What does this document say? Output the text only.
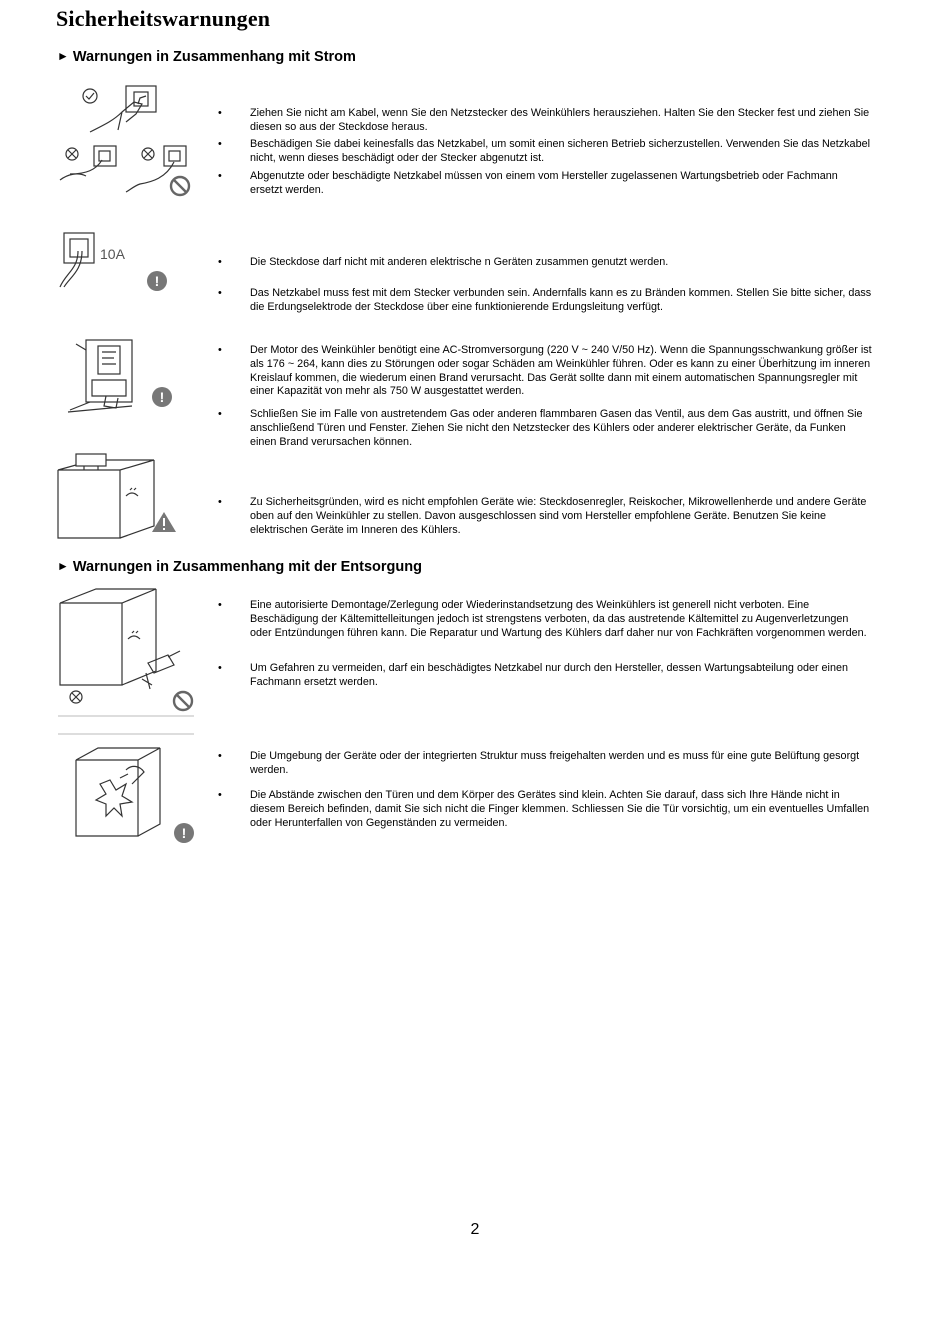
Sicherheitswarnungen
► Warnungen in Zusammenhang mit Strom
► Warnungen in Zusammenhang mit der Entsorgung
•	Ziehen Sie nicht am Kabel, wenn Sie den Netzstecker des Weinkühlers herausziehen. Halten Sie den Stecker fest und ziehen Sie diesen so aus der Steckdose heraus.
•	Beschädigen Sie dabei keinesfalls das Netzkabel, um somit einen sicheren Betrieb sicherzustellen. Verwenden Sie das Netzkabel nicht, wenn dieses beschädigt oder der Stecker abgenutzt ist.
•	Abgenutzte oder beschädigte Netzkabel müssen von einem vom Hersteller zugelassenen Wartungsbetrieb oder Fachmann ersetzt werden.
•	Die Steckdose darf nicht mit anderen elektrische n Geräten zusammen genutzt werden.
•	Das Netzkabel muss fest mit dem Stecker verbunden sein. Andernfalls kann es zu Bränden kommen. Stellen Sie bitte sicher, dass die Erdungselektrode der Steckdose über eine funktionierende Erdungsleitung verfügt.
•	Der Motor des Weinkühler benötigt eine AC-Stromversorgung (220 V ~ 240 V/50 Hz). Wenn die Spannungsschwankung größer ist als 176 ~ 264, kann dies zu Störungen oder sogar Schäden am Weinkühler führen. Oder es kann zu einer Überhitzung im inneren Kreislauf kommen, die wiederum einen Brand verursacht. Das Gerät sollte dann mit einem automatischen Spannungsregler mit einer Kapazität von mehr als 750 W ausgestattet werden.
•	Schließen Sie im Falle von austretendem Gas oder anderen flammbaren Gasen das Ventil, aus dem Gas austritt, und öffnen Sie anschließend Türen und Fenster. Ziehen Sie nicht den Netzstecker des Kühlers oder anderer elektrischer Geräte, da Funken einen Brand verursachen können.
•	Zu Sicherheitsgründen, wird es nicht empfohlen Geräte wie: Steckdosenregler, Reiskocher, Mikrowellenherde und andere Geräte oben auf den Weinkühler zu stellen. Davon ausgeschlossen sind vom Hersteller empfohlene Geräte. Benutzen Sie keine elektrischen Geräte im Inneren des Kühlers.
•	Eine autorisierte Demontage/Zerlegung oder Wiederinstandsetzung des Weinkühlers ist generell nicht verboten. Eine Beschädigung der Kältemittelleitungen jedoch ist strengstens verboten, da das austretende Kältemittel zu Augenverletzungen oder Entzündungen führen kann. Die Reparatur und Wartung des Kühlers darf daher nur von Fachkräften vorgenommen werden.
•	Um Gefahren zu vermeiden, darf ein beschädigtes Netzkabel nur durch den Hersteller, dessen Wartungsabteilung oder einen Fachmann ersetzt werden.
•	Die Umgebung der Geräte oder der integrierten Struktur muss freigehalten werden und es muss für eine gute Belüftung gesorgt werden.
•	Die Abstände zwischen den Türen und dem Körper des Gerätes sind klein. Achten Sie darauf, dass sich Ihre Hände nicht in diesem Bereich befinden, damit Sie sich nicht die Finger klemmen. Schliessen Sie die Tür vorsichtig, um ein eventuelles Umfallen oder Herunterfallen von Gegenständen zu vermeiden.
10A
!
!
!
2
